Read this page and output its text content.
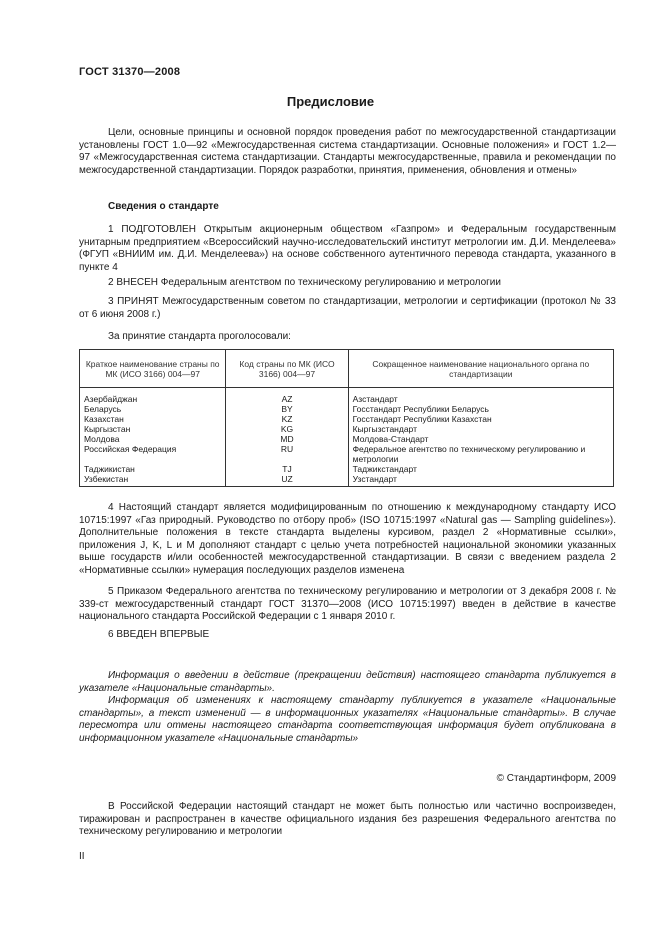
ГОСТ 31370—2008
Предисловие
Цели, основные принципы и основной порядок проведения работ по межгосударственной стандартизации установлены ГОСТ 1.0—92 «Межгосударственная система стандартизации. Основные положения» и ГОСТ 1.2—97 «Межгосударственная система стандартизации. Стандарты межгосударственные, правила и рекомендации по межгосударственной стандартизации. Порядок разработки, принятия, применения, обновления и отмены»
Сведения о стандарте
1 ПОДГОТОВЛЕН Открытым акционерным обществом «Газпром» и Федеральным государственным унитарным предприятием «Всероссийский научно-исследовательский институт метрологии им. Д.И. Менделеева» (ФГУП «ВНИИМ им. Д.И. Менделеева») на основе собственного аутентичного перевода стандарта, указанного в пункте 4
2 ВНЕСЕН Федеральным агентством по техническому регулированию и метрологии
3 ПРИНЯТ Межгосударственным советом по стандартизации, метрологии и сертификации (протокол № 33 от 6 июня 2008 г.)
За принятие стандарта проголосовали:
Краткое наименование страны по МК (ИСО 3166) 004—97	Код страны по МК (ИСО 3166) 004—97	Сокращенное наименование национального органа по стандартизации
Азербайджан	AZ	Азстандарт
Беларусь	BY	Госстандарт Республики Беларусь
Казахстан	KZ	Госстандарт Республики Казахстан
Кыргызстан	KG	Кыргызстандарт
Молдова	MD	Молдова-Стандарт
Российская Федерация	RU	Федеральное агентство по техническому регулированию и метрологии
Таджикистан	TJ	Таджикстандарт
Узбекистан	UZ	Узстандарт
4 Настоящий стандарт является модифицированным по отношению к международному стандарту ИСО 10715:1997 «Газ природный. Руководство по отбору проб» (ISO 10715:1997 «Natural gas — Sampling guidelines»). Дополнительные положения в тексте стандарта выделены курсивом, раздел 2 «Нормативные ссылки», приложения J, K, L и M дополняют стандарт с целью учета потребностей национальной экономики указанных выше государств и/или особенностей межгосударственной стандартизации. В связи с введением раздела 2 «Нормативные ссылки» нумерация последующих разделов изменена
5 Приказом Федерального агентства по техническому регулированию и метрологии от 3 декабря 2008 г. № 339-ст межгосударственный стандарт ГОСТ 31370—2008 (ИСО 10715:1997) введен в действие в качестве национального стандарта Российской Федерации с 1 января 2010 г.
6 ВВЕДЕН ВПЕРВЫЕ
Информация о введении в действие (прекращении действия) настоящего стандарта публикуется в указателе «Национальные стандарты».
Информация об изменениях к настоящему стандарту публикуется в указателе «Национальные стандарты», а текст изменений — в информационных указателях «Национальные стандарты». В случае пересмотра или отмены настоящего стандарта соответствующая информация будет опубликована в информационном указателе «Национальные стандарты»
© Стандартинформ, 2009
В Российской Федерации настоящий стандарт не может быть полностью или частично воспроизведен, тиражирован и распространен в качестве официального издания без разрешения Федерального агентства по техническому регулированию и метрологии
II
